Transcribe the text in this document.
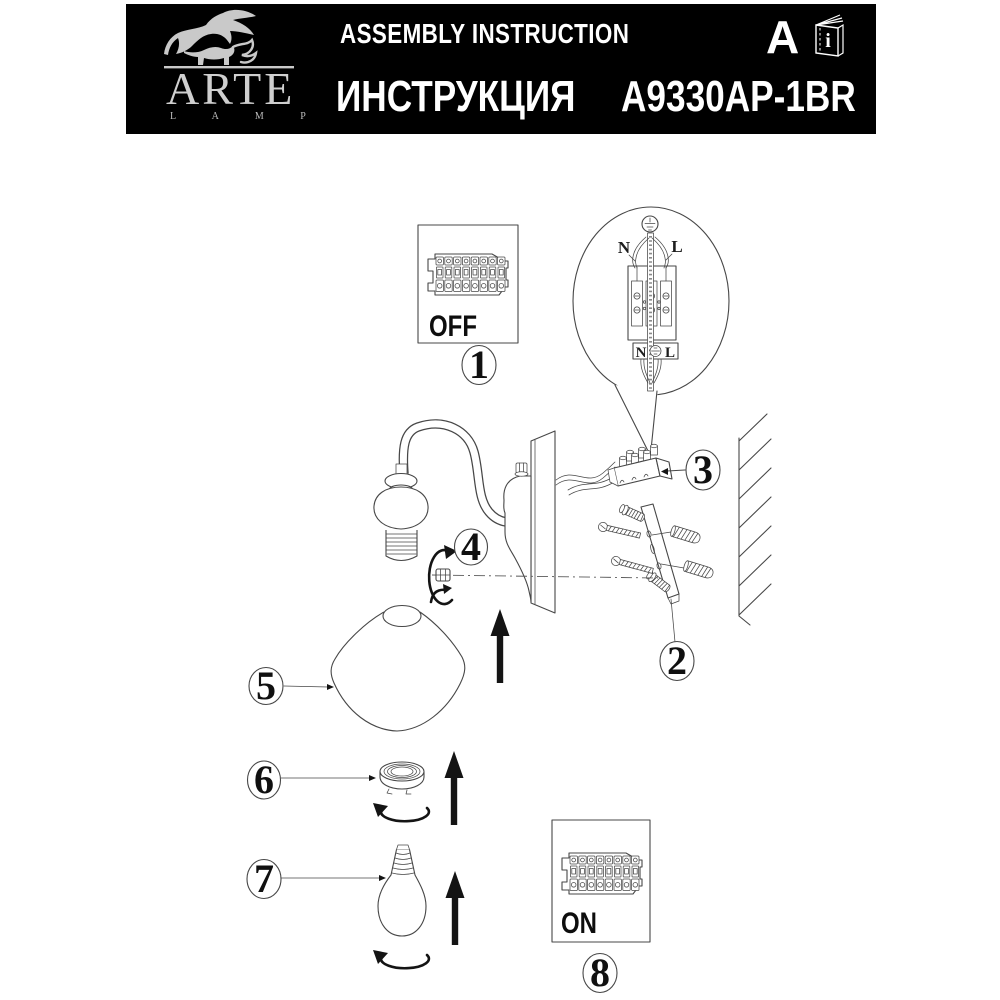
OFF
1	N L
N L
3
2
4
5
6
7
ON
8
ARTE
L A M P
ASSEMBLY INSTRUCTION
ИНСТРУКЦИЯ	A9330AP-1BR
A i
